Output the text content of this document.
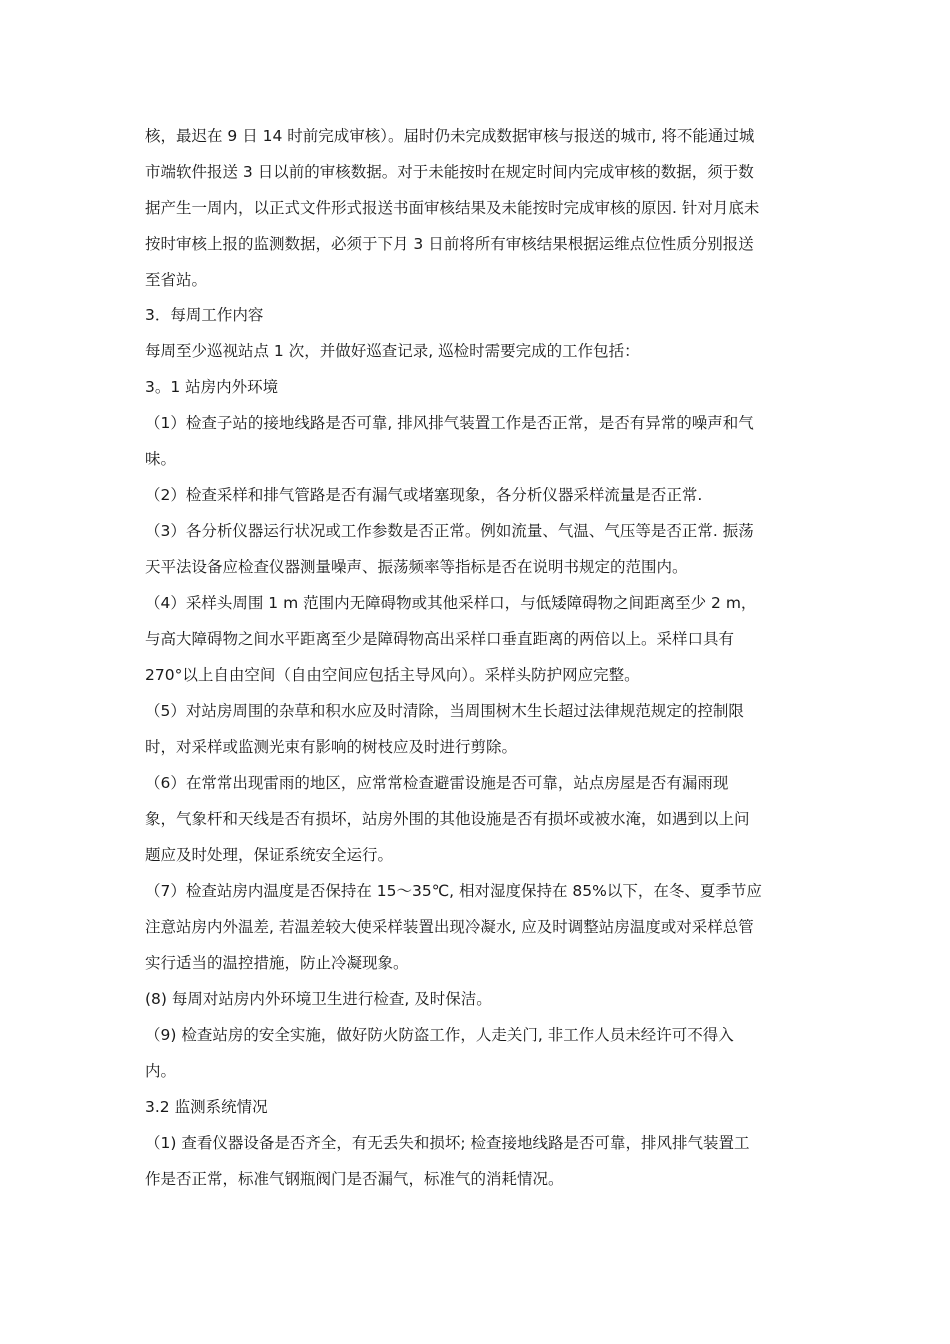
核，最迟在 9 日 14 时前完成审核）。届时仍未完成数据审核与报送的城市, 将不能通过城
市端软件报送 3 日以前的审核数据。对于未能按时在规定时间内完成审核的数据，须于数
据产生一周内，以正式文件形式报送书面审核结果及未能按时完成审核的原因. 针对月底未
按时审核上报的监测数据，必须于下月 3 日前将所有审核结果根据运维点位性质分别报送
至省站。
3．每周工作内容
每周至少巡视站点 1 次，并做好巡查记录, 巡检时需要完成的工作包括：
3。1 站房内外环境
（1）检查子站的接地线路是否可靠, 排风排气装置工作是否正常，是否有异常的噪声和气
味。
（2）检查采样和排气管路是否有漏气或堵塞现象，各分析仪器采样流量是否正常.
（3）各分析仪器运行状况或工作参数是否正常。例如流量、气温、气压等是否正常. 振荡
天平法设备应检查仪器测量噪声、振荡频率等指标是否在说明书规定的范围内。
（4）采样头周围 1 m 范围内无障碍物或其他采样口，与低矮障碍物之间距离至少 2 m，
与高大障碍物之间水平距离至少是障碍物高出采样口垂直距离的两倍以上。采样口具有
270°以上自由空间（自由空间应包括主导风向）。采样头防护网应完整。
（5）对站房周围的杂草和积水应及时清除，当周围树木生长超过法律规范规定的控制限
时，对采样或监测光束有影响的树枝应及时进行剪除。
（6）在常常出现雷雨的地区，应常常检查避雷设施是否可靠，站点房屋是否有漏雨现
象，气象杆和天线是否有损坏，站房外围的其他设施是否有损坏或被水淹，如遇到以上问
题应及时处理，保证系统安全运行。
（7）检查站房内温度是否保持在 15～35℃, 相对湿度保持在 85%以下，在冬、夏季节应
注意站房内外温差, 若温差较大使采样装置出现冷凝水, 应及时调整站房温度或对采样总管
实行适当的温控措施，防止冷凝现象。
(8) 每周对站房内外环境卫生进行检查, 及时保洁。
（9) 检查站房的安全实施，做好防火防盗工作，人走关门, 非工作人员未经许可不得入
内。
3.2 监测系统情况
（1) 查看仪器设备是否齐全，有无丢失和损坏; 检查接地线路是否可靠，排风排气装置工
作是否正常，标准气钢瓶阀门是否漏气，标准气的消耗情况。
